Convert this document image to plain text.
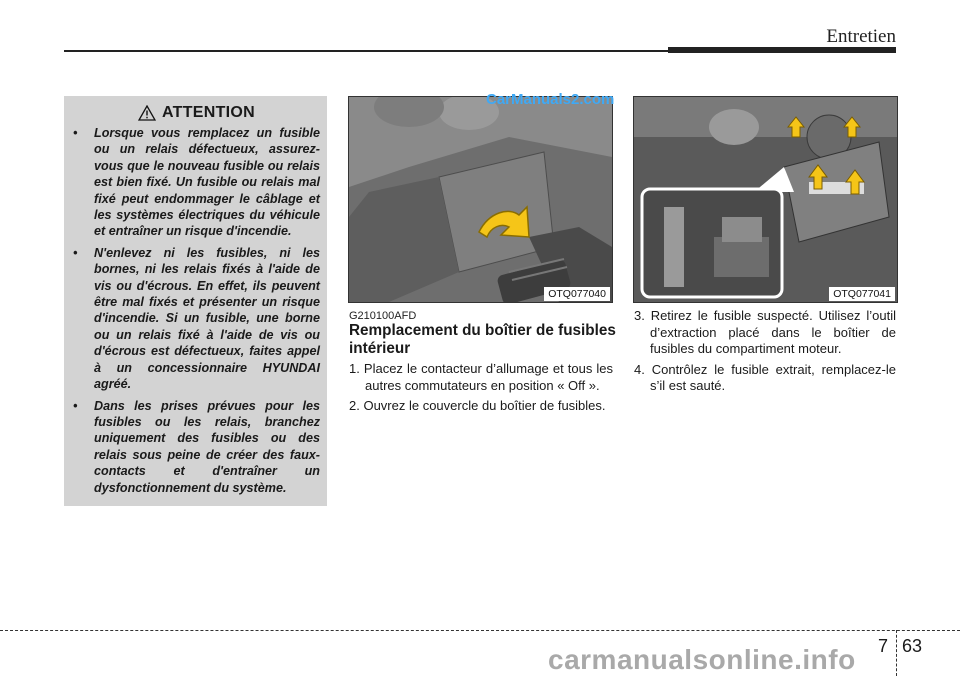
Entretien
ATTENTION
• Lorsque vous remplacez un fusible ou un relais défectueux, assurez-vous que le nouveau fusible ou relais est bien fixé. Un fusible ou relais mal fixé peut endommager le câblage et les systèmes électriques du véhicule et entraîner un risque d'incendie.
• N'enlevez ni les fusibles, ni les bornes, ni les relais fixés à l'aide de vis ou d'écrous. En effet, ils peuvent être mal fixés et présenter un risque d'incendie. Si un fusible, une borne ou un relais fixé à l'aide de vis ou d'écrous est défectueux, faites appel à un concessionnaire HYUNDAI agréé.
• Dans les prises prévues pour les fusibles ou les relais, branchez uniquement des fusibles ou des relais sous peine de créer des faux-contacts et d'entraîner un dysfonctionnement du système.
OTQ077040
CarManuals2.com
OTQ077041
G210100AFD
Remplacement du boîtier de fusibles intérieur
1. Placez le contacteur d’allumage et tous les autres commutateurs en position « Off ».
2. Ouvrez le couvercle du boîtier de fusibles.
3. Retirez le fusible suspecté. Utilisez l’outil d’extraction placé dans le boîtier de fusibles du compartiment moteur.
4. Contrôlez le fusible extrait, remplacez-le s’il est sauté.
7 63
carmanualsonline.info
